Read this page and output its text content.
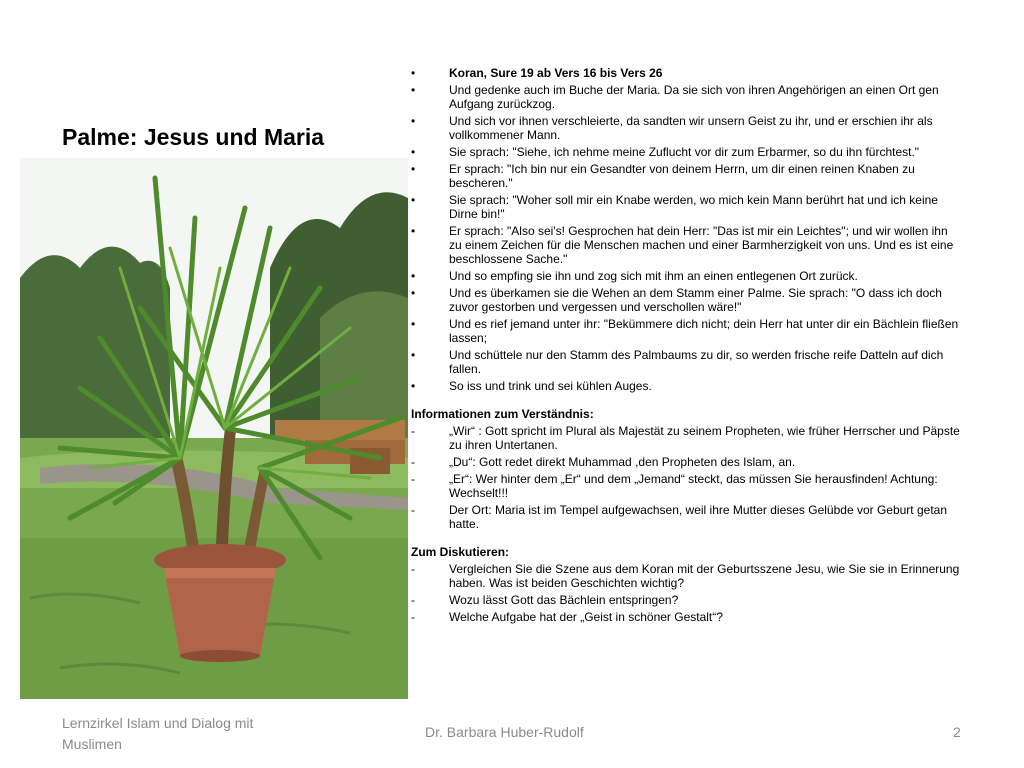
Palme: Jesus und Maria
•	Koran, Sure 19 ab Vers 16 bis Vers 26
•	Und gedenke auch im Buche der Maria. Da sie sich von ihren Angehörigen an einen Ort gen Aufgang zurückzog.
•	Und sich vor ihnen verschleierte, da sandten wir unsern Geist zu ihr, und er erschien ihr als vollkommener Mann.
•	Sie sprach: "Siehe, ich nehme meine Zuflucht vor dir zum Erbarmer, so du ihn fürchtest."
•	Er sprach: "Ich bin nur ein Gesandter von deinem Herrn, um dir einen reinen Knaben zu bescheren."
•	Sie sprach: "Woher soll mir ein Knabe werden, wo mich kein Mann berührt hat und ich keine Dirne bin!"
•	Er sprach: "Also sei's! Gesprochen hat dein Herr: "Das ist mir ein Leichtes"; und wir wollen ihn zu einem Zeichen für die Menschen machen und einer Barmherzigkeit von uns. Und es ist eine beschlossene Sache."
•	Und so empfing sie ihn und zog sich mit ihm an einen entlegenen Ort zurück.
•	Und es überkamen sie die Wehen an dem Stamm einer Palme. Sie sprach: "O dass ich doch zuvor gestorben und vergessen und verschollen wäre!"
•	Und es rief jemand unter ihr: "Bekümmere dich nicht; dein Herr hat unter dir ein Bächlein fließen lassen;
•	Und schüttele nur den Stamm des Palmbaums zu dir, so werden frische reife Datteln auf dich fallen.
•	So iss und trink und sei kühlen Auges.
Informationen zum Verständnis:
-	„Wir“ : Gott spricht im Plural als Majestät zu seinem Propheten, wie früher Herrscher und Päpste zu ihren Untertanen.
-	„Du“: Gott redet direkt Muhammad ,den Propheten des Islam, an.
-	„Er“: Wer hinter dem „Er“ und dem „Jemand“ steckt, das müssen Sie herausfinden! Achtung: Wechselt!!!
-	Der Ort: Maria ist im Tempel aufgewachsen, weil ihre Mutter dieses Gelübde vor Geburt getan hatte.
Zum Diskutieren:
-	Vergleichen Sie die Szene aus dem Koran mit der Geburtsszene Jesu, wie Sie sie in Erinnerung haben. Was ist beiden Geschichten wichtig?
-	Wozu lässt Gott das Bächlein entspringen?
-	Welche Aufgabe hat der „Geist in schöner Gestalt“?
Lernzirkel Islam und Dialog mit Muslimen
Dr. Barbara Huber-Rudolf	2
